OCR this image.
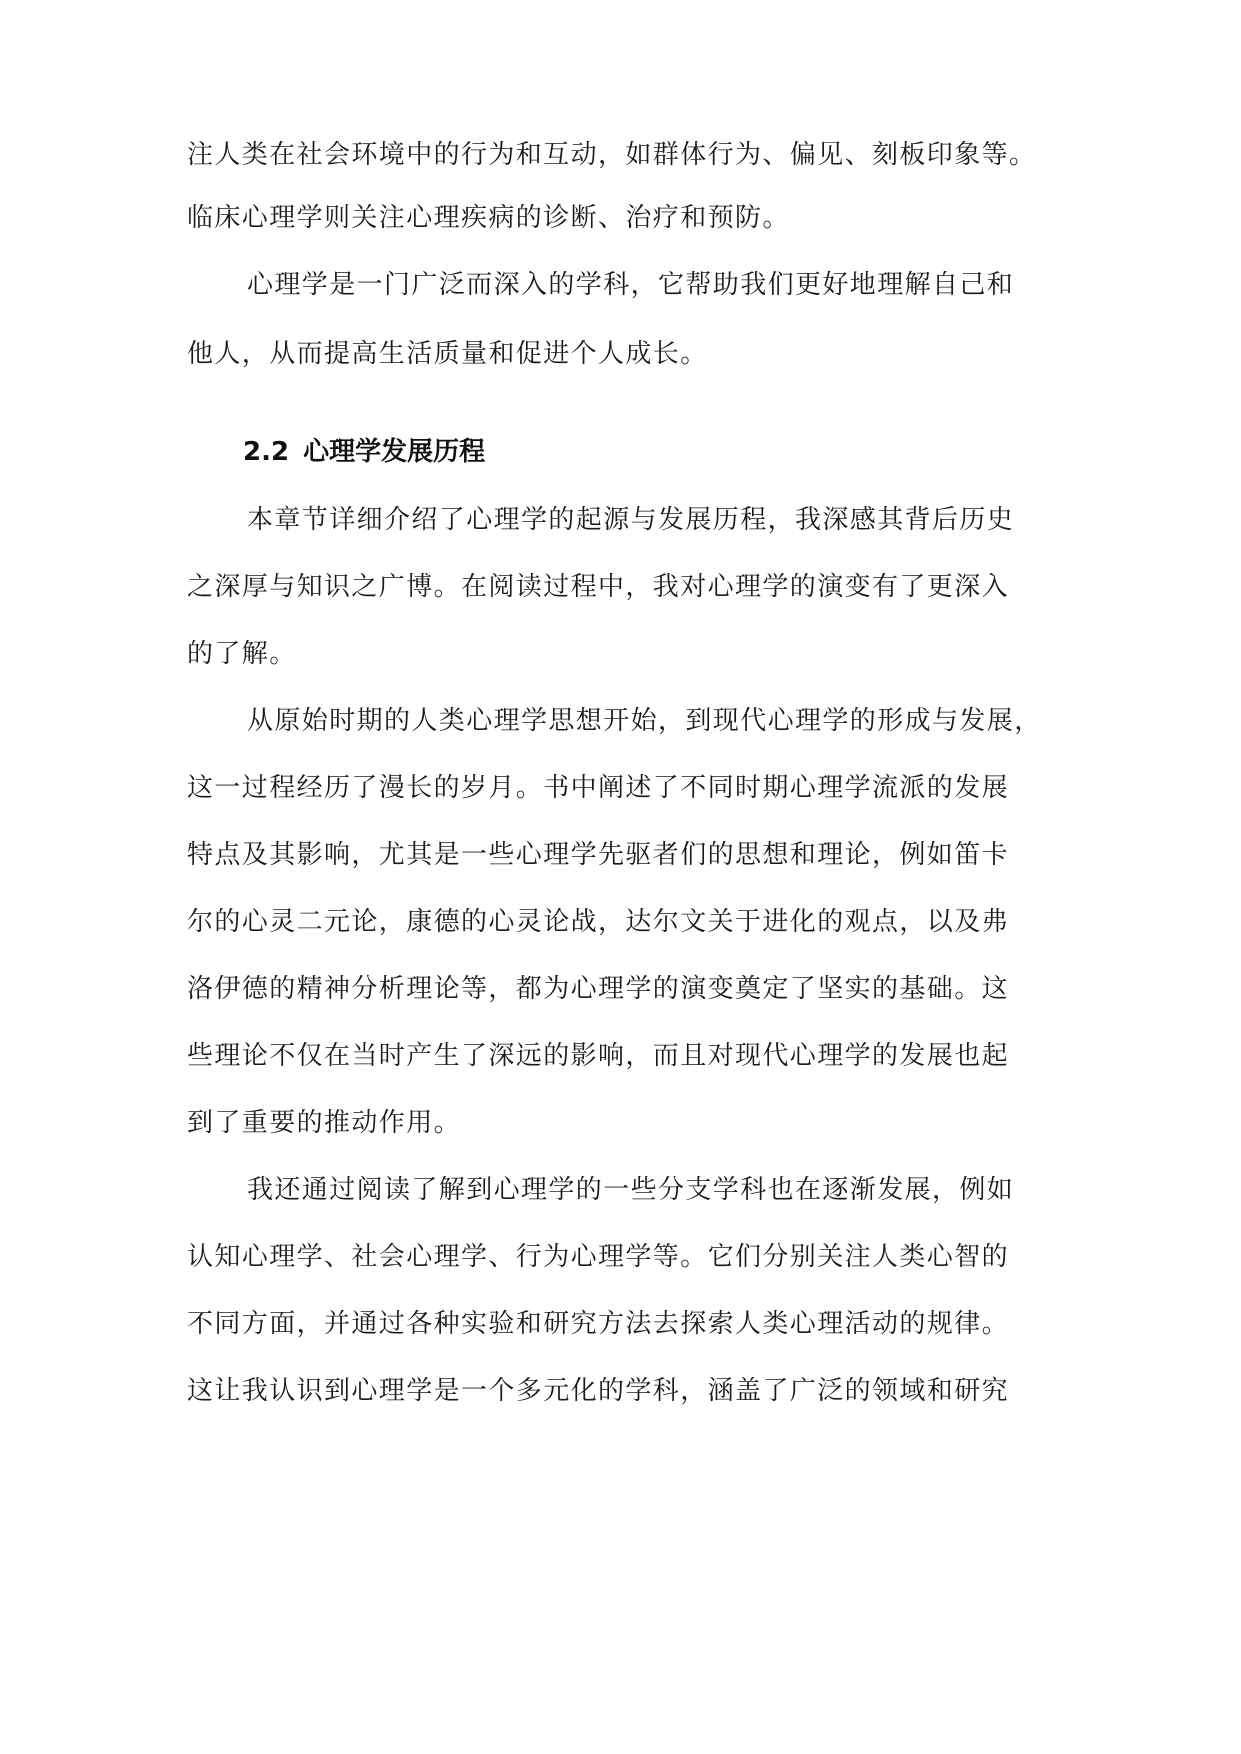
注人类在社会环境中的行为和互动，如群体行为、偏见、刻板印象等。
临床心理学则关注心理疾病的诊断、治疗和预防。
心理学是一门广泛而深入的学科，它帮助我们更好地理解自己和
他人，从而提高生活质量和促进个人成长。
2.2 心理学发展历程
本章节详细介绍了心理学的起源与发展历程，我深感其背后历史
之深厚与知识之广博。在阅读过程中，我对心理学的演变有了更深入
的了解。
从原始时期的人类心理学思想开始，到现代心理学的形成与发展，
这一过程经历了漫长的岁月。书中阐述了不同时期心理学流派的发展
特点及其影响，尤其是一些心理学先驱者们的思想和理论，例如笛卡
尔的心灵二元论，康德的心灵论战，达尔文关于进化的观点，以及弗
洛伊德的精神分析理论等，都为心理学的演变奠定了坚实的基础。这
些理论不仅在当时产生了深远的影响，而且对现代心理学的发展也起
到了重要的推动作用。
我还通过阅读了解到心理学的一些分支学科也在逐渐发展，例如
认知心理学、社会心理学、行为心理学等。它们分别关注人类心智的
不同方面，并通过各种实验和研究方法去探索人类心理活动的规律。
这让我认识到心理学是一个多元化的学科，涵盖了广泛的领域和研究
